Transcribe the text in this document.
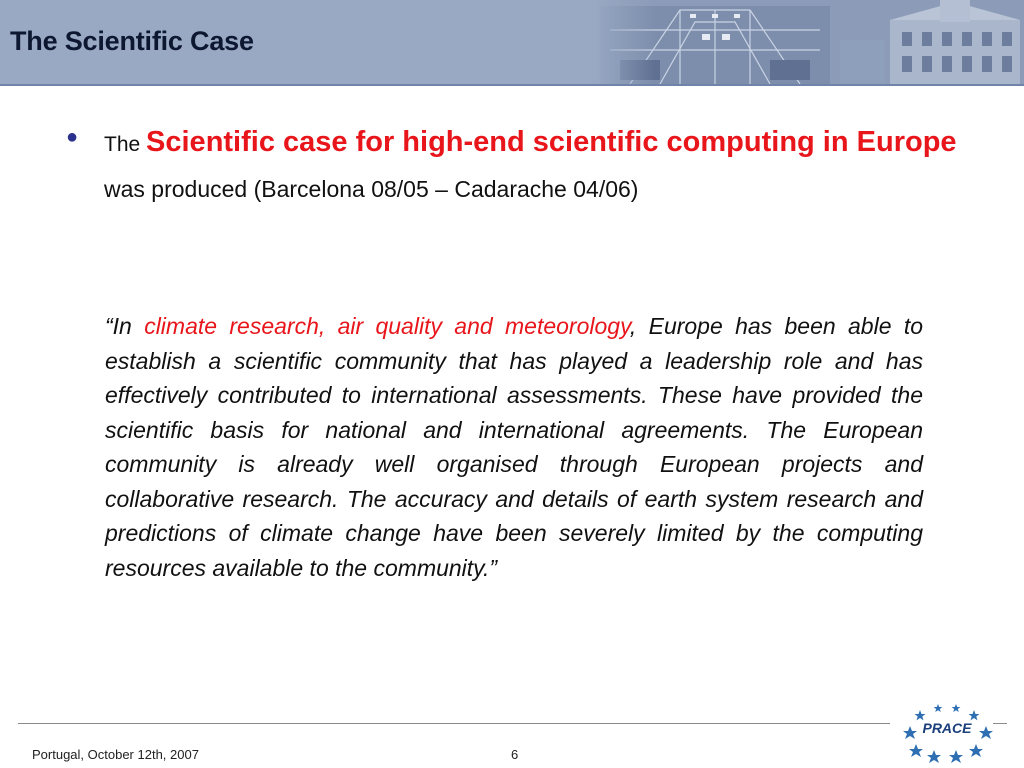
The Scientific Case
● The Scientific case for high-end scientific computing in Europe was produced (Barcelona 08/05 – Cadarache 04/06)
“In climate research, air quality and meteorology, Europe has been able to establish a scientific community that has played a leadership role and has effectively contributed to international assessments. These have provided the scientific basis for national and international agreements. The European community is already well organised through European projects and collaborative research. The accuracy and details of earth system research and predictions of climate change have been severely limited by the computing resources available to the community.”
Portugal, October 12th, 2007	6
PRACE
